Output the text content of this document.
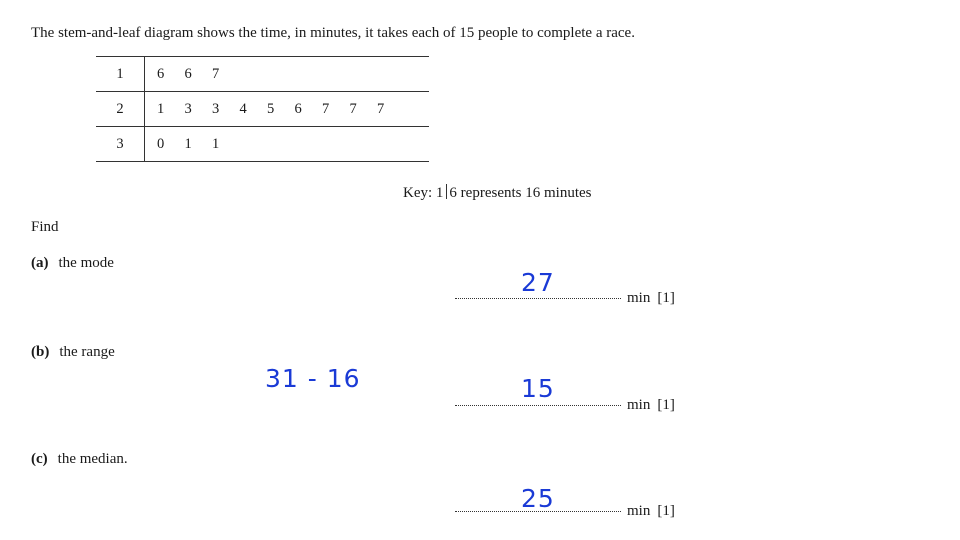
The stem-and-leaf diagram shows the time, in minutes, it takes each of 15 people to complete a race.
1	6 6 7
2	1 3 3 4 5 6 7 7 7
3	0 1 1
Key: 1 6 represents 16 minutes
Find
(a) the mode
27
min [1]
(b) the range
31 - 16	15
min [1]
(c) the median.
25	min [1]
